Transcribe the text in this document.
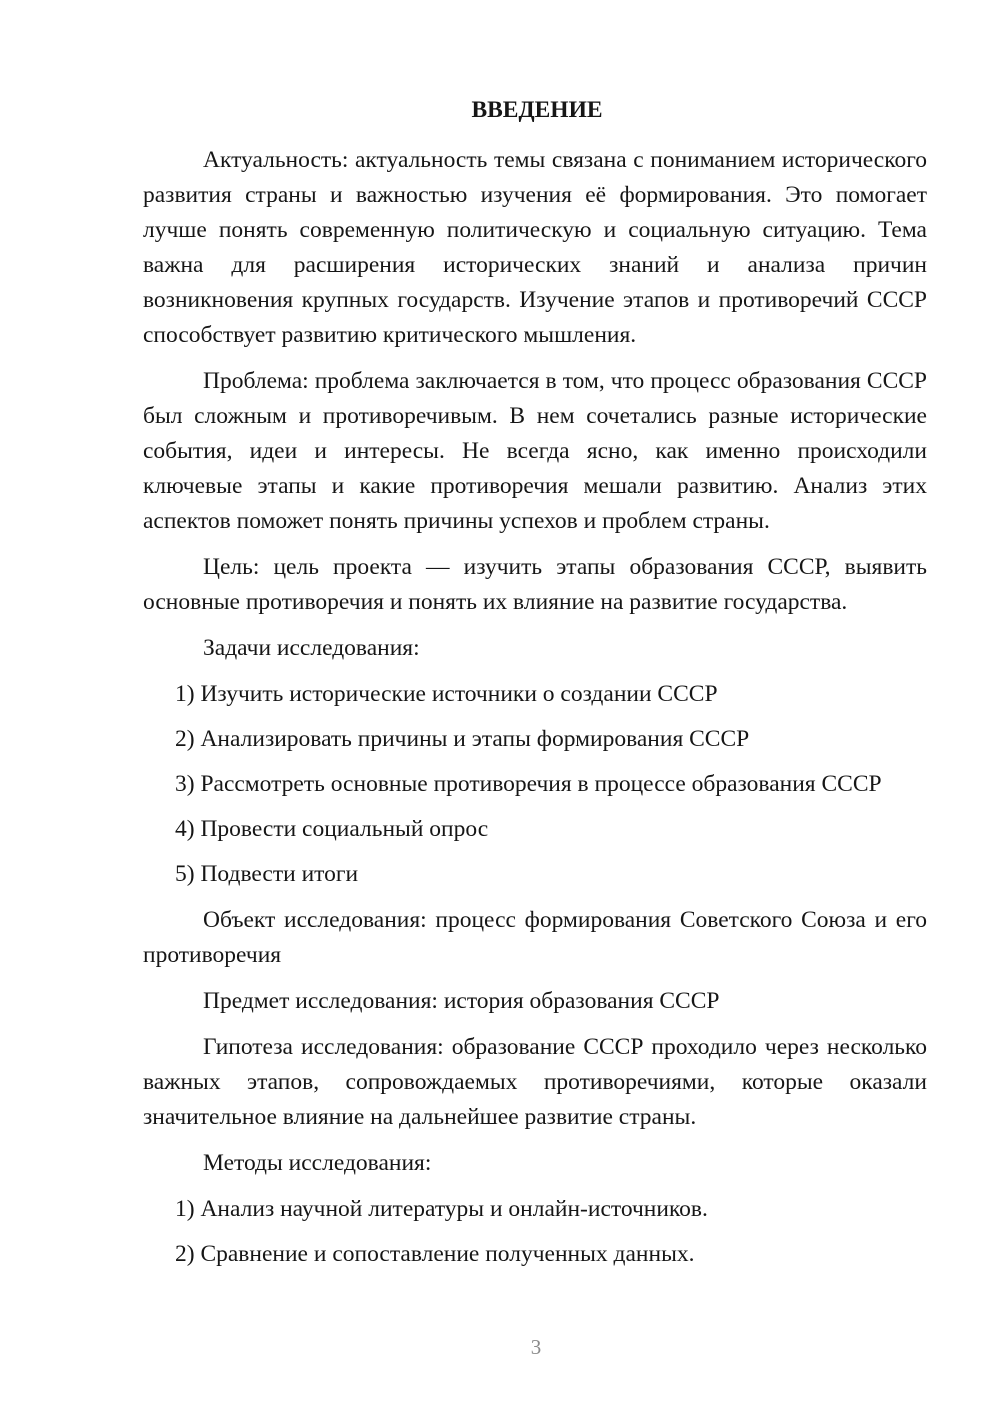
ВВЕДЕНИЕ

Актуальность: актуальность темы связана с пониманием исторического развития страны и важностью изучения её формирования. Это помогает лучше понять современную политическую и социальную ситуацию. Тема важна для расширения исторических знаний и анализа причин возникновения крупных государств. Изучение этапов и противоречий СССР способствует развитию критического мышления.

Проблема: проблема заключается в том, что процесс образования СССР был сложным и противоречивым. В нем сочетались разные исторические события, идеи и интересы. Не всегда ясно, как именно происходили ключевые этапы и какие противоречия мешали развитию. Анализ этих аспектов поможет понять причины успехов и проблем страны.

Цель: цель проекта — изучить этапы образования СССР, выявить основные противоречия и понять их влияние на развитие государства.

Задачи исследования:

1) Изучить исторические источники о создании СССР
2) Анализировать причины и этапы формирования СССР
3) Рассмотреть основные противоречия в процессе образования СССР
4) Провести социальный опрос
5) Подвести итоги

Объект исследования: процесс формирования Советского Союза и его противоречия

Предмет исследования: история образования СССР

Гипотеза исследования: образование СССР проходило через несколько важных этапов, сопровождаемых противоречиями, которые оказали значительное влияние на дальнейшее развитие страны.

Методы исследования:

1) Анализ научной литературы и онлайн-источников.
2) Сравнение и сопоставление полученных данных.
3
